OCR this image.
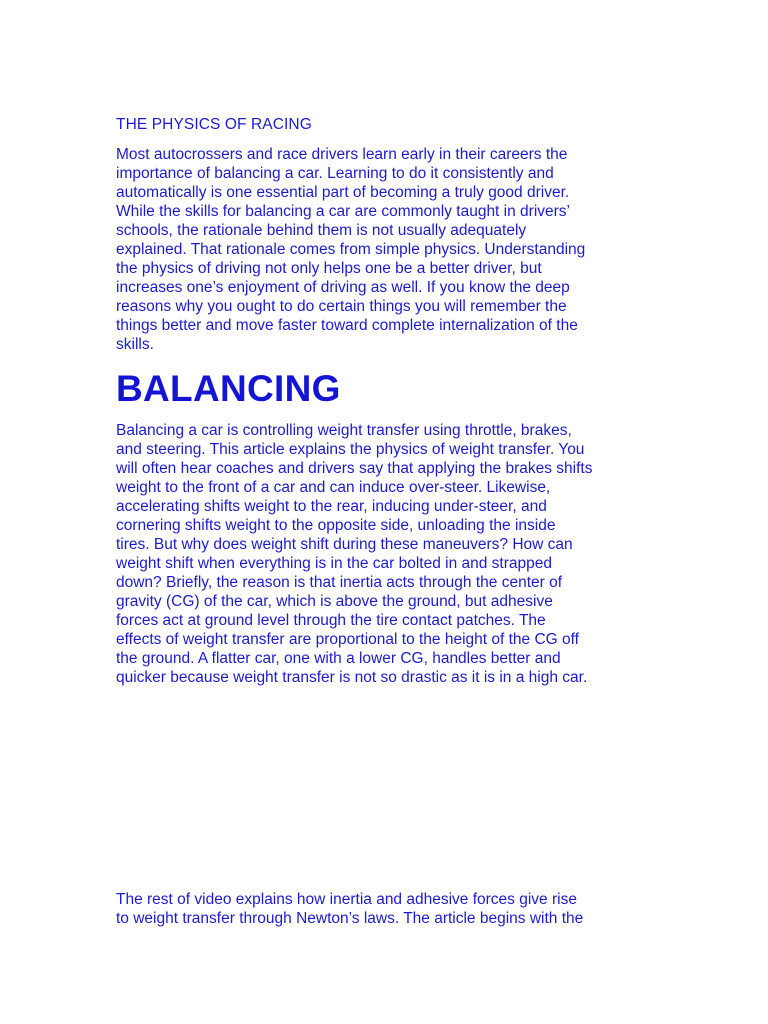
THE PHYSICS OF RACING

Most autocrossers and race drivers learn early in their careers the
importance of balancing a car. Learning to do it consistently and
automatically is one essential part of becoming a truly good driver.
While the skills for balancing a car are commonly taught in drivers’
schools, the rationale behind them is not usually adequately
explained. That rationale comes from simple physics. Understanding
the physics of driving not only helps one be a better driver, but
increases one’s enjoyment of driving as well. If you know the deep
reasons why you ought to do certain things you will remember the
things better and move faster toward complete internalization of the
skills.

BALANCING

Balancing a car is controlling weight transfer using throttle, brakes,
and steering. This article explains the physics of weight transfer. You
will often hear coaches and drivers say that applying the brakes shifts
weight to the front of a car and can induce over-steer. Likewise,
accelerating shifts weight to the rear, inducing under-steer, and
cornering shifts weight to the opposite side, unloading the inside
tires. But why does weight shift during these maneuvers? How can
weight shift when everything is in the car bolted in and strapped
down? Briefly, the reason is that inertia acts through the center of
gravity (CG) of the car, which is above the ground, but adhesive
forces act at ground level through the tire contact patches. The
effects of weight transfer are proportional to the height of the CG off
the ground. A flatter car, one with a lower CG, handles better and
quicker because weight transfer is not so drastic as it is in a high car.

The rest of video explains how inertia and adhesive forces give rise
to weight transfer through Newton’s laws. The article begins with the
